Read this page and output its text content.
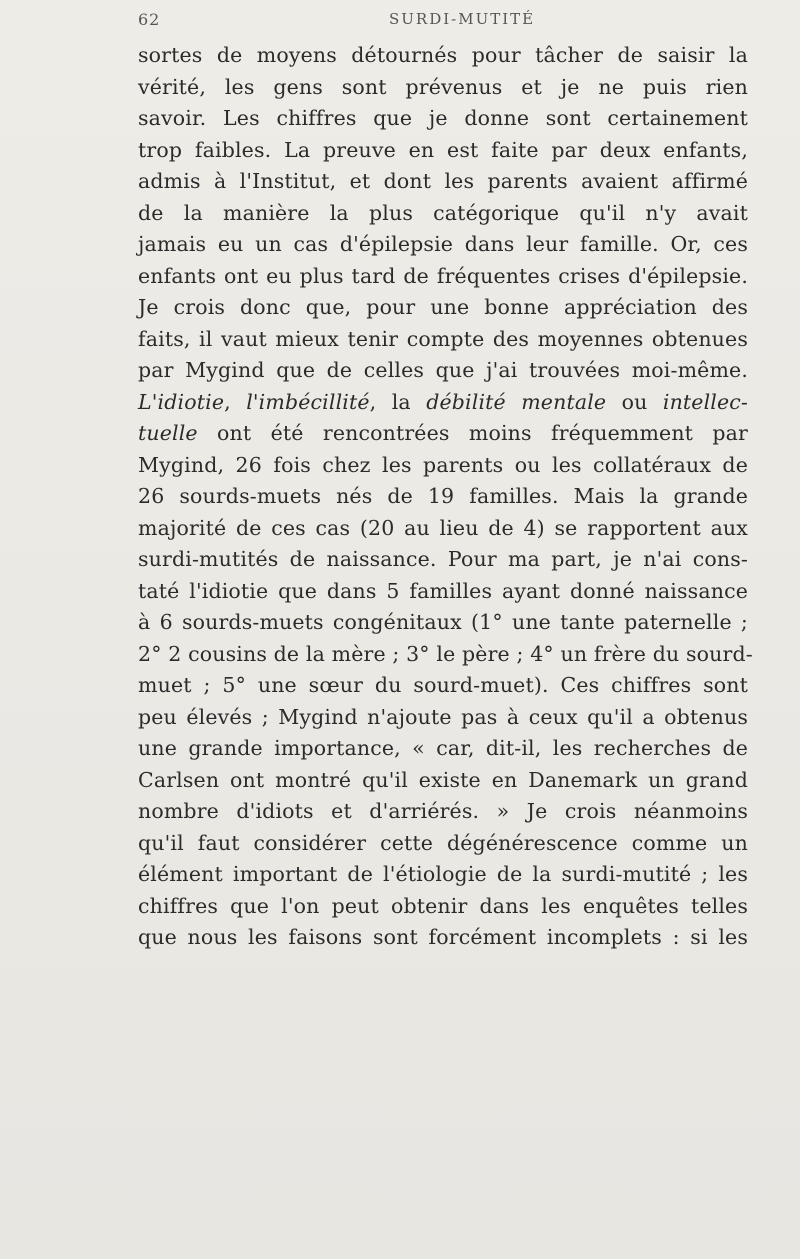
62	SURDI-MUTITÉ
sortes de moyens détournés pour tâcher de saisir la
vérité, les gens sont prévenus et je ne puis rien
savoir. Les chiffres que je donne sont certainement
trop faibles. La preuve en est faite par deux enfants,
admis à l'Institut, et dont les parents avaient affirmé
de la manière la plus catégorique qu'il n'y avait
jamais eu un cas d'épilepsie dans leur famille. Or, ces
enfants ont eu plus tard de fréquentes crises d'épilepsie.
Je crois donc que, pour une bonne appréciation des
faits, il vaut mieux tenir compte des moyennes obtenues
par Mygind que de celles que j'ai trouvées moi-même.
L'idiotie, l'imbécillité, la débilité mentale ou intellec-
tuelle ont été rencontrées moins fréquemment par
Mygind, 26 fois chez les parents ou les collatéraux de
26 sourds-muets nés de 19 familles. Mais la grande
majorité de ces cas (20 au lieu de 4) se rapportent aux
surdi-mutités de naissance. Pour ma part, je n'ai cons-
taté l'idiotie que dans 5 familles ayant donné naissance
à 6 sourds-muets congénitaux (1° une tante paternelle ;
2° 2 cousins de la mère ; 3° le père ; 4° un frère du sourd-
muet ; 5° une sœur du sourd-muet). Ces chiffres sont
peu élevés ; Mygind n'ajoute pas à ceux qu'il a obtenus
une grande importance, « car, dit-il, les recherches de
Carlsen ont montré qu'il existe en Danemark un grand
nombre d'idiots et d'arriérés. » Je crois néanmoins
qu'il faut considérer cette dégénérescence comme un
élément important de l'étiologie de la surdi-mutité ; les
chiffres que l'on peut obtenir dans les enquêtes telles
que nous les faisons sont forcément incomplets : si les
